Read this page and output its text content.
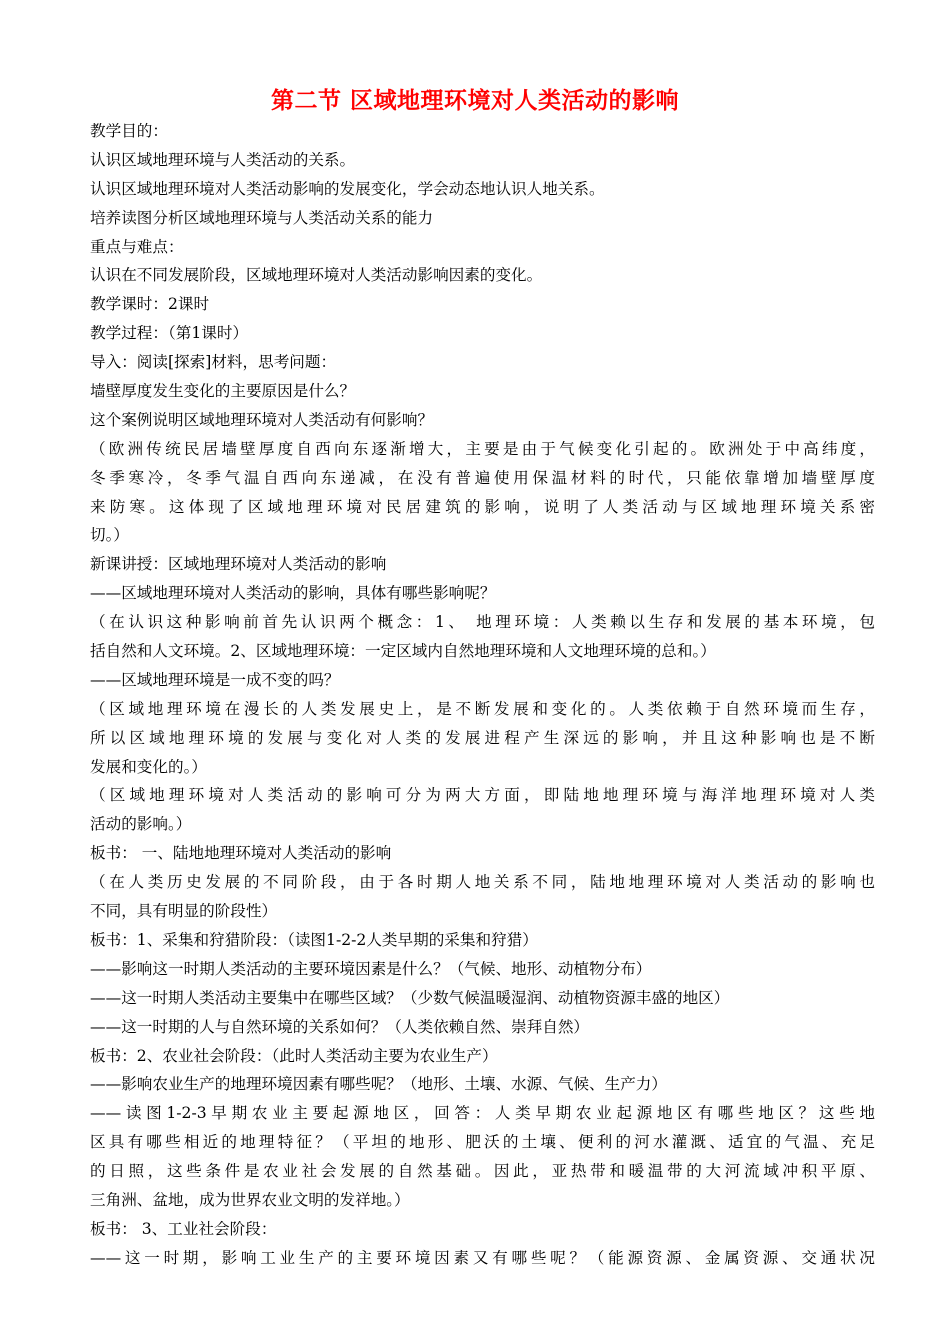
第二节 区域地理环境对人类活动的影响
教学目的：
认识区域地理环境与人类活动的关系。
认识区域地理环境对人类活动影响的发展变化，学会动态地认识人地关系。
培养读图分析区域地理环境与人类活动关系的能力
重点与难点：
认识在不同发展阶段，区域地理环境对人类活动影响因素的变化。
教学课时：2课时
教学过程：（第1课时）
导入：阅读[探索]材料，思考问题：
墙壁厚度发生变化的主要原因是什么？
这个案例说明区域地理环境对人类活动有何影响？
（欧洲传统民居墙壁厚度自西向东逐渐增大，主要是由于气候变化引起的。欧洲处于中高纬度，
冬季寒冷，冬季气温自西向东递减，在没有普遍使用保温材料的时代，只能依靠增加墙壁厚度
来防寒。这体现了区域地理环境对民居建筑的影响，说明了人类活动与区域地理环境关系密
切。）
新课讲授：区域地理环境对人类活动的影响
——区域地理环境对人类活动的影响，具体有哪些影响呢？
（在认识这种影响前首先认识两个概念：1、 地理环境：人类赖以生存和发展的基本环境，包
括自然和人文环境。2、区域地理环境：一定区域内自然地理环境和人文地理环境的总和。）
——区域地理环境是一成不变的吗？
（区域地理环境在漫长的人类发展史上，是不断发展和变化的。人类依赖于自然环境而生存，
所以区域地理环境的发展与变化对人类的发展进程产生深远的影响，并且这种影响也是不断
发展和变化的。）
（区域地理环境对人类活动的影响可分为两大方面，即陆地地理环境与海洋地理环境对人类
活动的影响。）
板书： 一、陆地地理环境对人类活动的影响
（在人类历史发展的不同阶段，由于各时期人地关系不同，陆地地理环境对人类活动的影响也
不同，具有明显的阶段性）
板书：1、采集和狩猎阶段：（读图1-2-2人类早期的采集和狩猎）
——影响这一时期人类活动的主要环境因素是什么？（气候、地形、动植物分布）
——这一时期人类活动主要集中在哪些区域？（少数气候温暖湿润、动植物资源丰盛的地区）
——这一时期的人与自然环境的关系如何？（人类依赖自然、崇拜自然）
板书：2、农业社会阶段：（此时人类活动主要为农业生产）
——影响农业生产的地理环境因素有哪些呢？（地形、土壤、水源、气候、生产力）
——读图1-2-3早期农业主要起源地区，回答：人类早期农业起源地区有哪些地区？这些地
区具有哪些相近的地理特征？（平坦的地形、肥沃的土壤、便利的河水灌溉、适宜的气温、充足
的日照，这些条件是农业社会发展的自然基础。因此，亚热带和暖温带的大河流域冲积平原、
三角洲、盆地，成为世界农业文明的发祥地。）
板书： 3、工业社会阶段：
——这一时期，影响工业生产的主要环境因素又有哪些呢？（能源资源、金属资源、交通状况
